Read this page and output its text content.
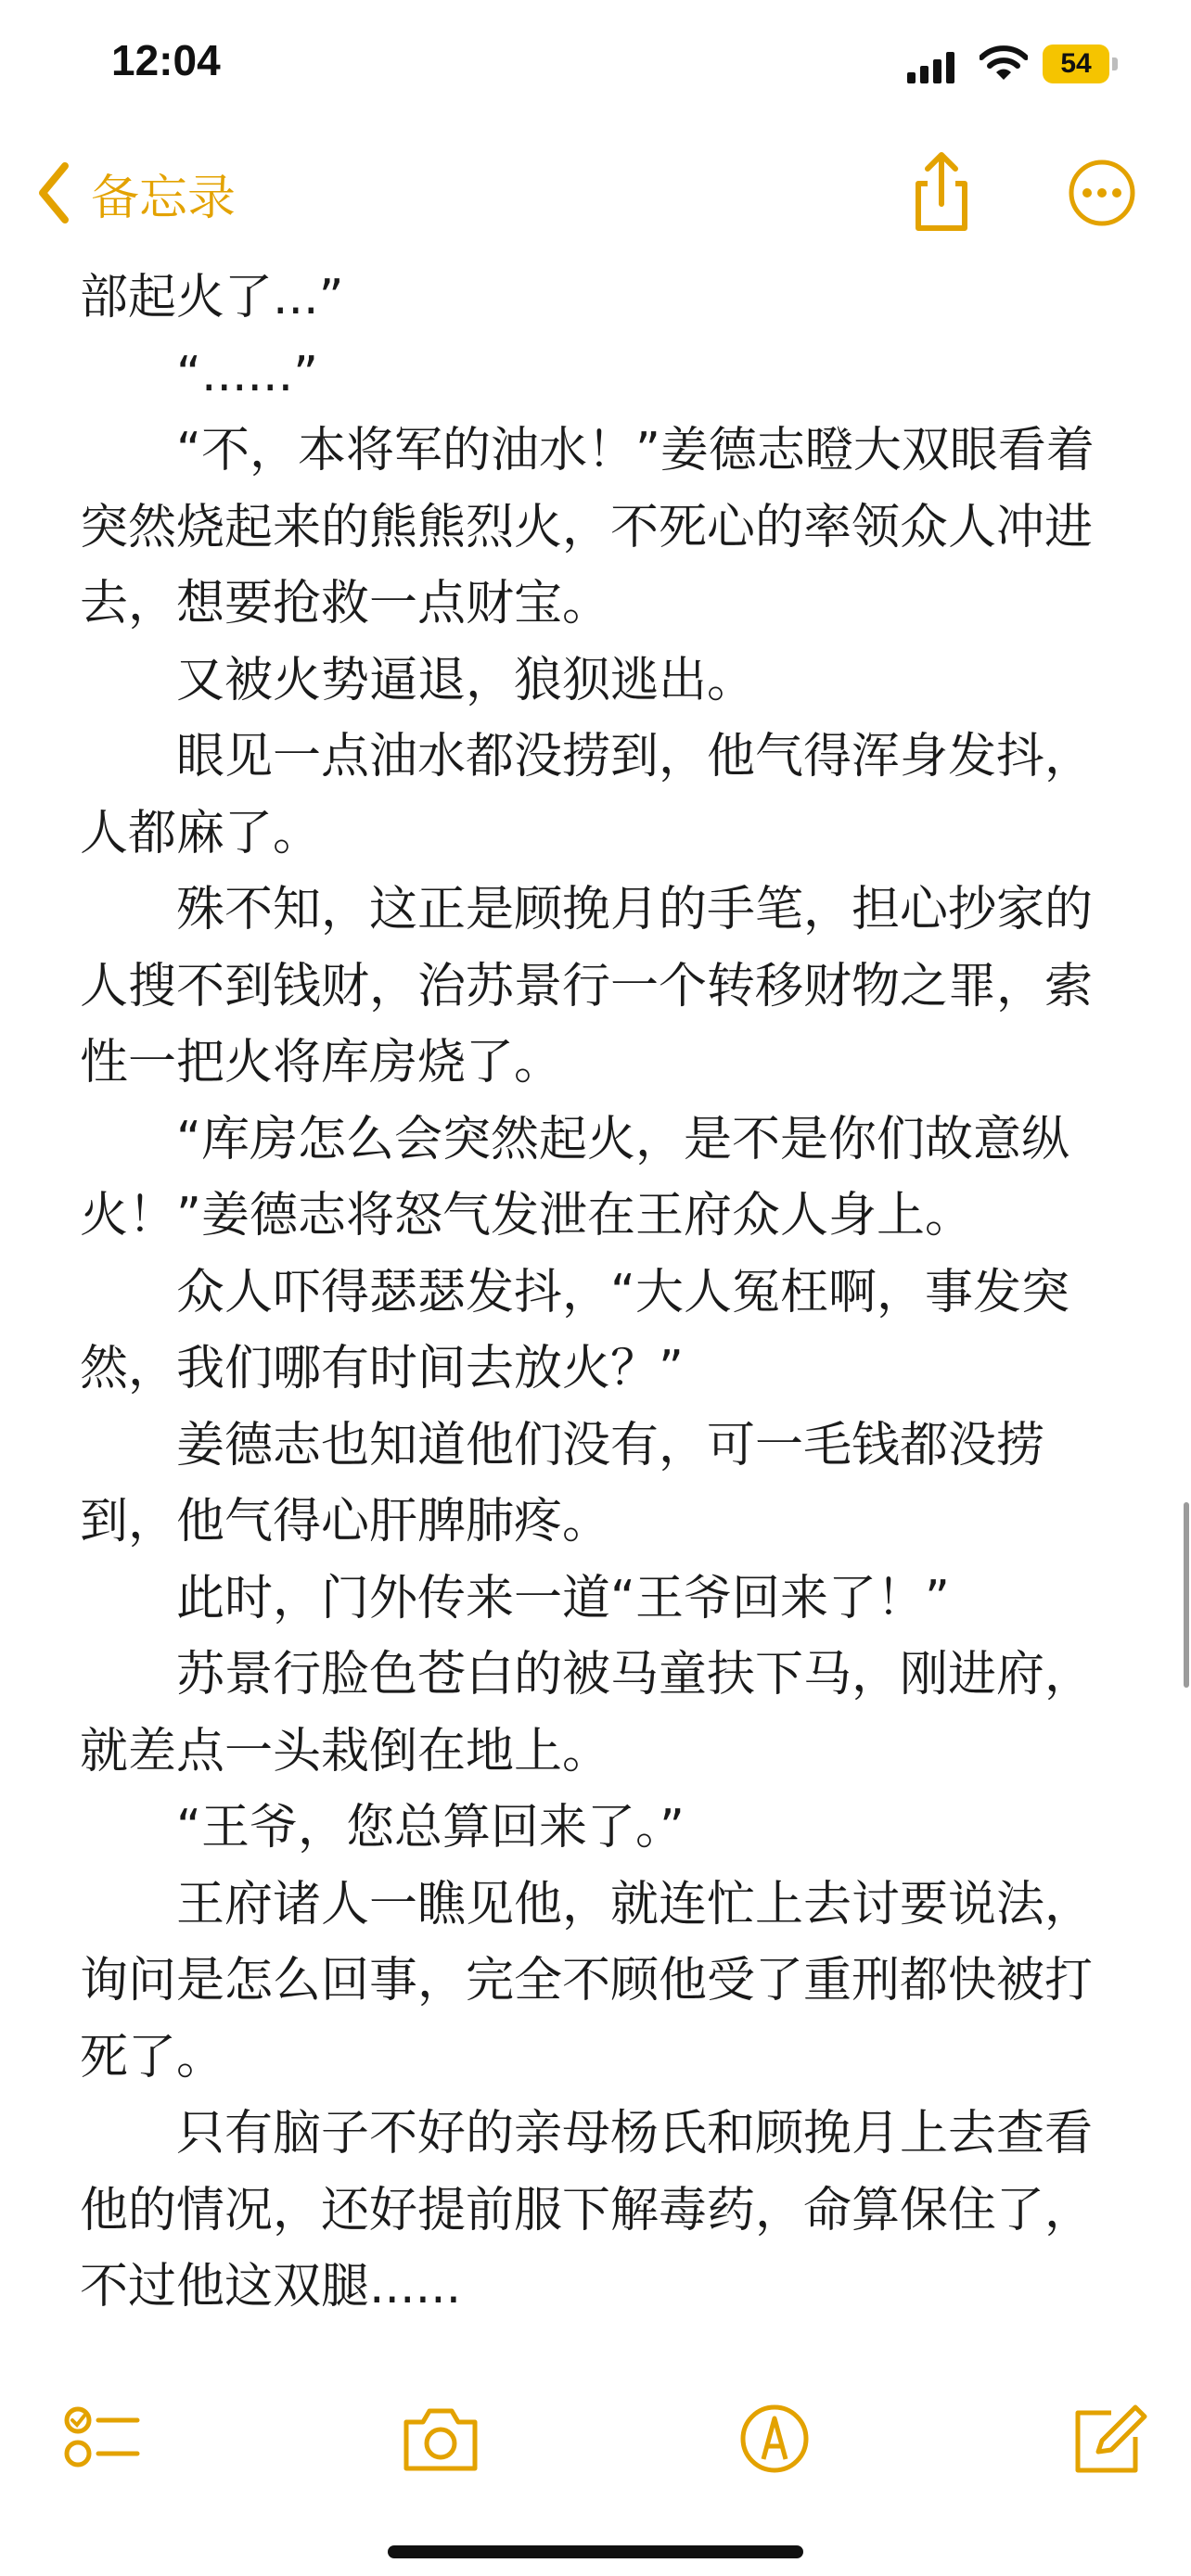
12:04	54
备忘录

部起火了...”

“......”

“不，本将军的油水！”姜德志瞪大双眼看着突然烧起来的熊熊烈火，不死心的率领众人冲进去，想要抢救一点财宝。

又被火势逼退，狼狈逃出。

眼见一点油水都没捞到，他气得浑身发抖，人都麻了。

殊不知，这正是顾挽月的手笔，担心抄家的人搜不到钱财，治苏景行一个转移财物之罪，索性一把火将库房烧了。

“库房怎么会突然起火，是不是你们故意纵火！”姜德志将怒气发泄在王府众人身上。

众人吓得瑟瑟发抖，“大人冤枉啊，事发突然，我们哪有时间去放火？”

姜德志也知道他们没有，可一毛钱都没捞到，他气得心肝脾肺疼。

此时，门外传来一道“王爷回来了！”

苏景行脸色苍白的被马童扶下马，刚进府，就差点一头栽倒在地上。

“王爷，您总算回来了。”

王府诸人一瞧见他，就连忙上去讨要说法，询问是怎么回事，完全不顾他受了重刑都快被打死了。

只有脑子不好的亲母杨氏和顾挽月上去查看他的情况，还好提前服下解毒药，命算保住了，不过他这双腿......
